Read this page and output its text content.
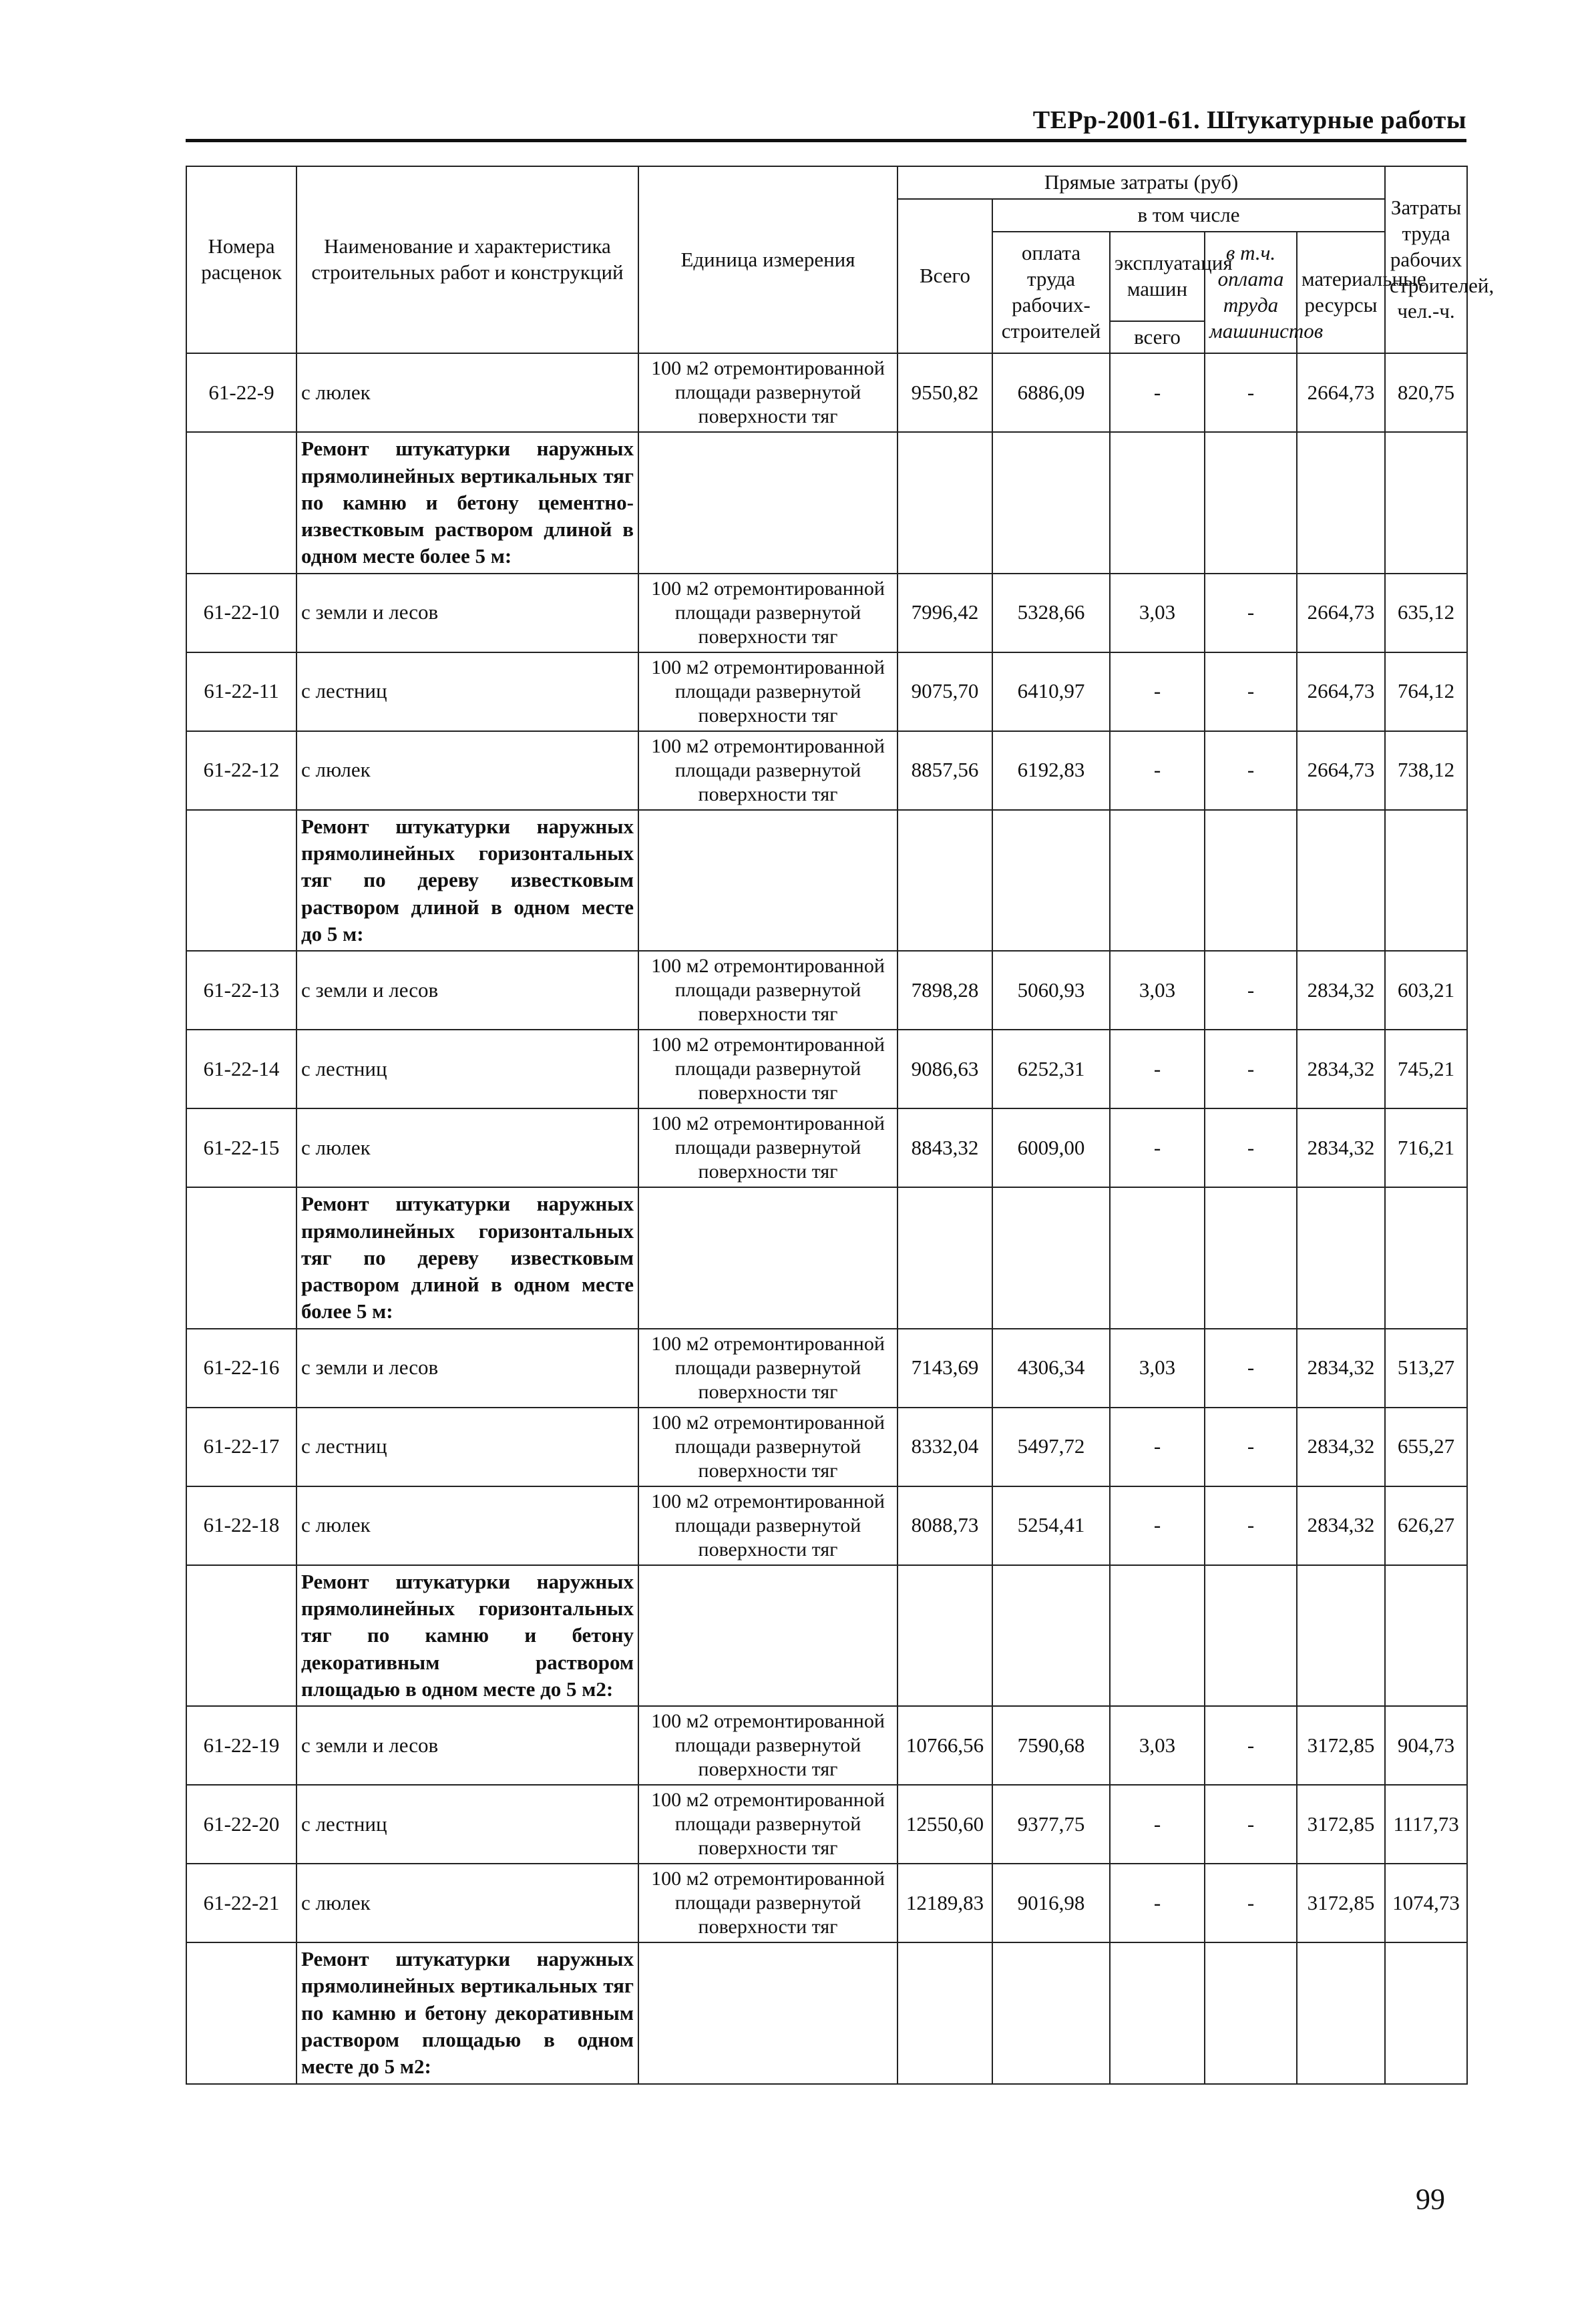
ТЕРр-2001-61. Штукатурные работы
Номера расценок	Наименование и характеристика строительных работ и конструкций	Единица измерения	Прямые затраты (руб)					Затраты труда рабочих строителей, чел.-ч.
			Всего	в том числе				
				оплата труда рабочих-строителей	эксплуатация машин	в т.ч. оплата труда машинистов	материальные ресурсы	
					всего			
61-22-9	с люлек	100 м2 отремонтированной площади развернутой поверхности тяг	9550,82	6886,09	-	-	2664,73	820,75
	Ремонт штукатурки наружных прямолинейных вертикальных тяг по камню и бетону цементно-известковым раствором длиной в одном месте более 5 м:							
61-22-10	с земли и лесов	100 м2 отремонтированной площади развернутой поверхности тяг	7996,42	5328,66	3,03	-	2664,73	635,12
61-22-11	с лестниц	100 м2 отремонтированной площади развернутой поверхности тяг	9075,70	6410,97	-	-	2664,73	764,12
61-22-12	с люлек	100 м2 отремонтированной площади развернутой поверхности тяг	8857,56	6192,83	-	-	2664,73	738,12
	Ремонт штукатурки наружных прямолинейных горизонтальных тяг по дереву известковым раствором длиной в одном месте до 5 м:							
61-22-13	с земли и лесов	100 м2 отремонтированной площади развернутой поверхности тяг	7898,28	5060,93	3,03	-	2834,32	603,21
61-22-14	с лестниц	100 м2 отремонтированной площади развернутой поверхности тяг	9086,63	6252,31	-	-	2834,32	745,21
61-22-15	с люлек	100 м2 отремонтированной площади развернутой поверхности тяг	8843,32	6009,00	-	-	2834,32	716,21
	Ремонт штукатурки наружных прямолинейных горизонтальных тяг по дереву известковым раствором длиной в одном месте более 5 м:							
61-22-16	с земли и лесов	100 м2 отремонтированной площади развернутой поверхности тяг	7143,69	4306,34	3,03	-	2834,32	513,27
61-22-17	с лестниц	100 м2 отремонтированной площади развернутой поверхности тяг	8332,04	5497,72	-	-	2834,32	655,27
61-22-18	с люлек	100 м2 отремонтированной площади развернутой поверхности тяг	8088,73	5254,41	-	-	2834,32	626,27
	Ремонт штукатурки наружных прямолинейных горизонтальных тяг по камню и бетону декоративным раствором площадью в одном месте до 5 м2:							
61-22-19	с земли и лесов	100 м2 отремонтированной площади развернутой поверхности тяг	10766,56	7590,68	3,03	-	3172,85	904,73
61-22-20	с лестниц	100 м2 отремонтированной площади развернутой поверхности тяг	12550,60	9377,75	-	-	3172,85	1117,73
61-22-21	с люлек	100 м2 отремонтированной площади развернутой поверхности тяг	12189,83	9016,98	-	-	3172,85	1074,73
	Ремонт штукатурки наружных прямолинейных вертикальных тяг по камню и бетону декоративным раствором площадью в одном месте до 5 м2:							
99
